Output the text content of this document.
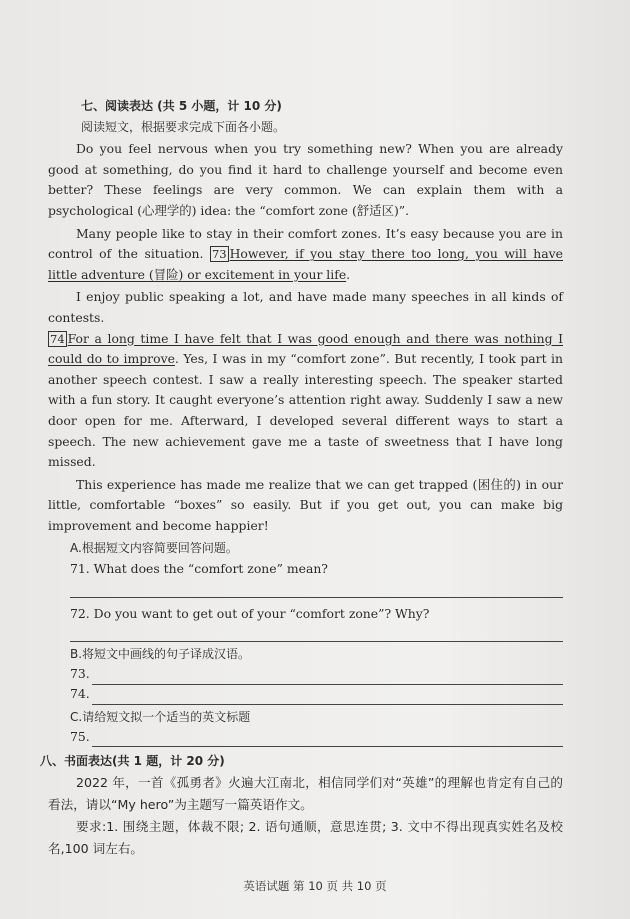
七、阅读表达 (共 5 小题，计 10 分)
阅读短文，根据要求完成下面各小题。

Do you feel nervous when you try something new? When you are already good at something, do you find it hard to challenge yourself and become even better? These feelings are very common. We can explain them with a psychological (心理学的) idea: the “comfort zone (舒适区)”.

Many people like to stay in their comfort zones. It’s easy because you are in control of the situation. 73 However, if you stay there too long, you will have little adventure (冒险) or excitement in your life.

I enjoy public speaking a lot, and have made many speeches in all kinds of contests.

74 For a long time I have felt that I was good enough and there was nothing I could do to improve. Yes, I was in my “comfort zone”. But recently, I took part in another speech contest. I saw a really interesting speech. The speaker started with a fun story. It caught everyone’s attention right away. Suddenly I saw a new door open for me. Afterward, I developed several different ways to start a speech. The new achievement gave me a taste of sweetness that I have long missed.

This experience has made me realize that we can get trapped (困住的) in our little, comfortable “boxes” so easily. But if you get out, you can make big improvement and become happier!

A.根据短文内容简要回答问题。
71. What does the “comfort zone” mean?
72. Do you want to get out of your “comfort zone”? Why?
B.将短文中画线的句子译成汉语。
73.
74.
C.请给短文拟一个适当的英文标题
75.
八、书面表达(共 1 题，计 20 分)

2022 年，一首《孤勇者》火遍大江南北，相信同学们对“英雄”的理解也肯定有自己的看法，请以“My hero”为主题写一篇英语作文。

要求:1. 围绕主题，体裁不限; 2. 语句通顺，意思连贯; 3. 文中不得出现真实姓名及校名,100 词左右。

英语试题 第 10 页 共 10 页
